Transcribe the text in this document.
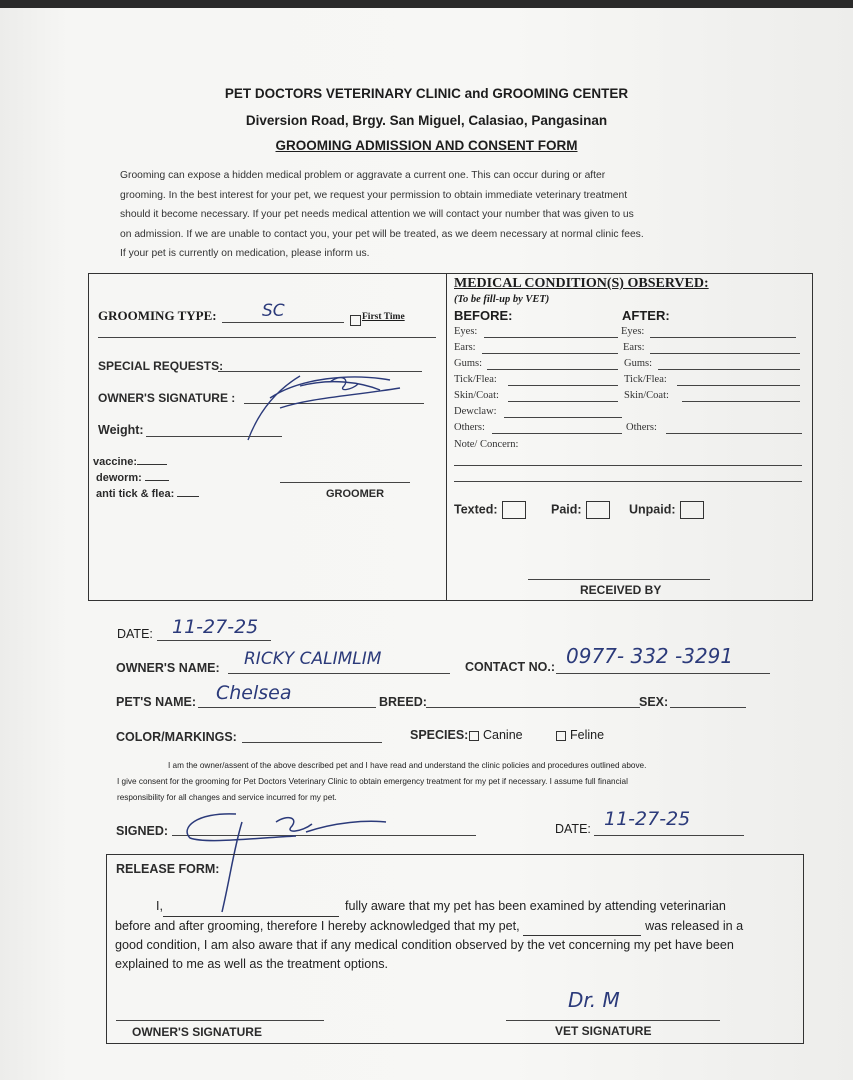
PET DOCTORS VETERINARY CLINIC and GROOMING CENTER
Diversion Road, Brgy. San Miguel, Calasiao, Pangasinan
GROOMING ADMISSION AND CONSENT FORM
Grooming can expose a hidden medical problem or aggravate a current one. This can occur during or after
grooming. In the best interest for your pet, we request your permission to obtain immediate veterinary treatment
should it become necessary. If your pet needs medical attention we will contact your number that was given to us
on admission. If we are unable to contact you, your pet will be treated, as we deem necessary at normal clinic fees.
If your pet is currently on medication, please inform us.
GROOMING TYPE:	SC	First Time
SPECIAL REQUESTS:
OWNER'S SIGNATURE :
Weight:
vaccine:
deworm:
anti tick & flea:	GROOMER
MEDICAL CONDITION(S) OBSERVED:
(To be fill-up by VET)
BEFORE:	AFTER:
Eyes:	Eyes:
Ears:	Ears:
Gums:	Gums:
Tick/Flea:	Tick/Flea:
Skin/Coat:	Skin/Coat:
Dewclaw:
Others:	Others:
Note/ Concern:
Texted:	Paid:	Unpaid:
RECEIVED BY
DATE: 11-27-25
OWNER'S NAME: RICKY CALIMLIM	CONTACT NO.: 0977- 332 -3291
PET'S NAME: Chelsea	BREED:	SEX:
COLOR/MARKINGS:	SPECIES:	Canine	Feline
I am the owner/assent of the above described pet and I have read and understand the clinic policies and procedures outlined above.
I give consent for the grooming for Pet Doctors Veterinary Clinic to obtain emergency treatment for my pet if necessary. I assume full financial
responsibility for all changes and service incurred for my pet.
SIGNED:	DATE: 11-27-25
RELEASE FORM:
I,	fully aware that my pet has been examined by attending veterinarian
before and after grooming, therefore I hereby acknowledged that my pet,	was released in a
good condition, I am also aware that if any medical condition observed by the vet concerning my pet have been
explained to me as well as the treatment options.
OWNER'S SIGNATURE
Dr. M
VET SIGNATURE
